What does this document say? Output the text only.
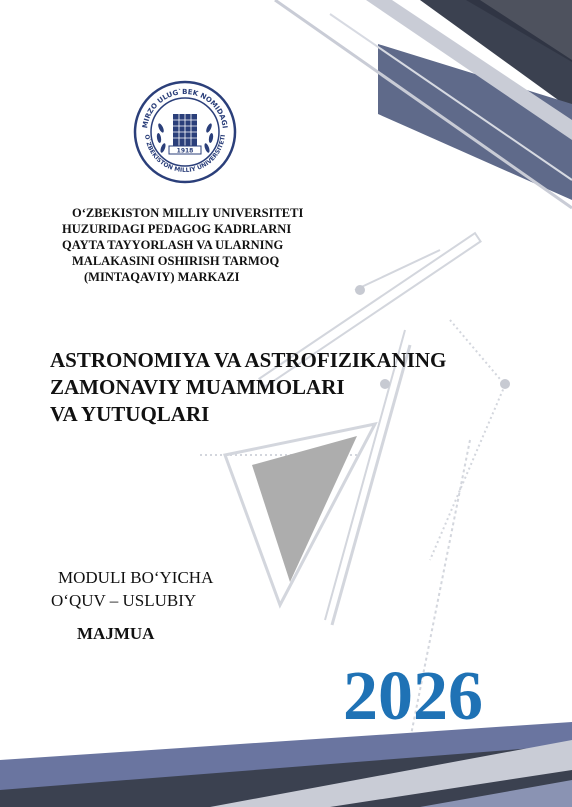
MIRZO ULUG`BEK NOMIDAGI
O`ZBEKISTON MILLIY UNIVERSITETI
1918
O‘ZBEKISTON MILLIY UNIVERSITETI
HUZURIDAGI PEDAGOG KADRLARNI
QAYTA TAYYORLASH VA ULARNING
MALAKASINI OSHIRISH TARMOQ
(MINTAQAVIY) MARKAZI
ASTRONOMIYA VA ASTROFIZIKANING
ZAMONAVIY MUAMMOLARI
VA YUTUQLARI
MODULI BO‘YICHA
O‘QUV – USLUBIY
MAJMUA
2026
